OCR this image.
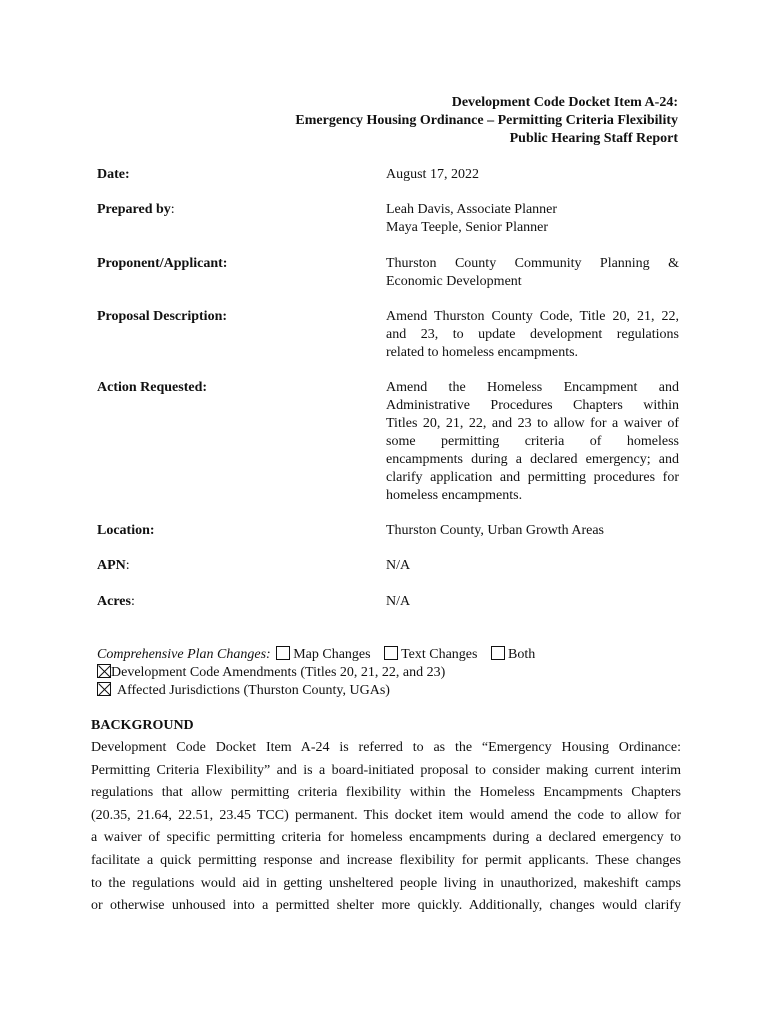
Development Code Docket Item A-24:
Emergency Housing Ordinance – Permitting Criteria Flexibility
Public Hearing Staff Report
Date:	August 17, 2022
Prepared by:	Leah Davis, Associate Planner
Maya Teeple, Senior Planner
Proponent/Applicant:	Thurston County Community Planning &
Economic Development
Proposal Description:	Amend Thurston County Code, Title 20, 21, 22,
and 23, to update development regulations
related to homeless encampments.
Action Requested:	Amend the Homeless Encampment and
Administrative Procedures Chapters within
Titles 20, 21, 22, and 23 to allow for a waiver of
some permitting criteria of homeless
encampments during a declared emergency; and
clarify application and permitting procedures for
homeless encampments.
Location:	Thurston County, Urban Growth Areas
APN:	N/A
Acres:	N/A
Comprehensive Plan Changes: Map Changes Text Changes Both
Development Code Amendments (Titles 20, 21, 22, and 23)
Affected Jurisdictions (Thurston County, UGAs)
BACKGROUND
Development Code Docket Item A-24 is referred to as the “Emergency Housing Ordinance:
Permitting Criteria Flexibility” and is a board-initiated proposal to consider making current interim
regulations that allow permitting criteria flexibility within the Homeless Encampments Chapters
(20.35, 21.64, 22.51, 23.45 TCC) permanent. This docket item would amend the code to allow for
a waiver of specific permitting criteria for homeless encampments during a declared emergency to
facilitate a quick permitting response and increase flexibility for permit applicants. These changes
to the regulations would aid in getting unsheltered people living in unauthorized, makeshift camps
or otherwise unhoused into a permitted shelter more quickly. Additionally, changes would clarify
